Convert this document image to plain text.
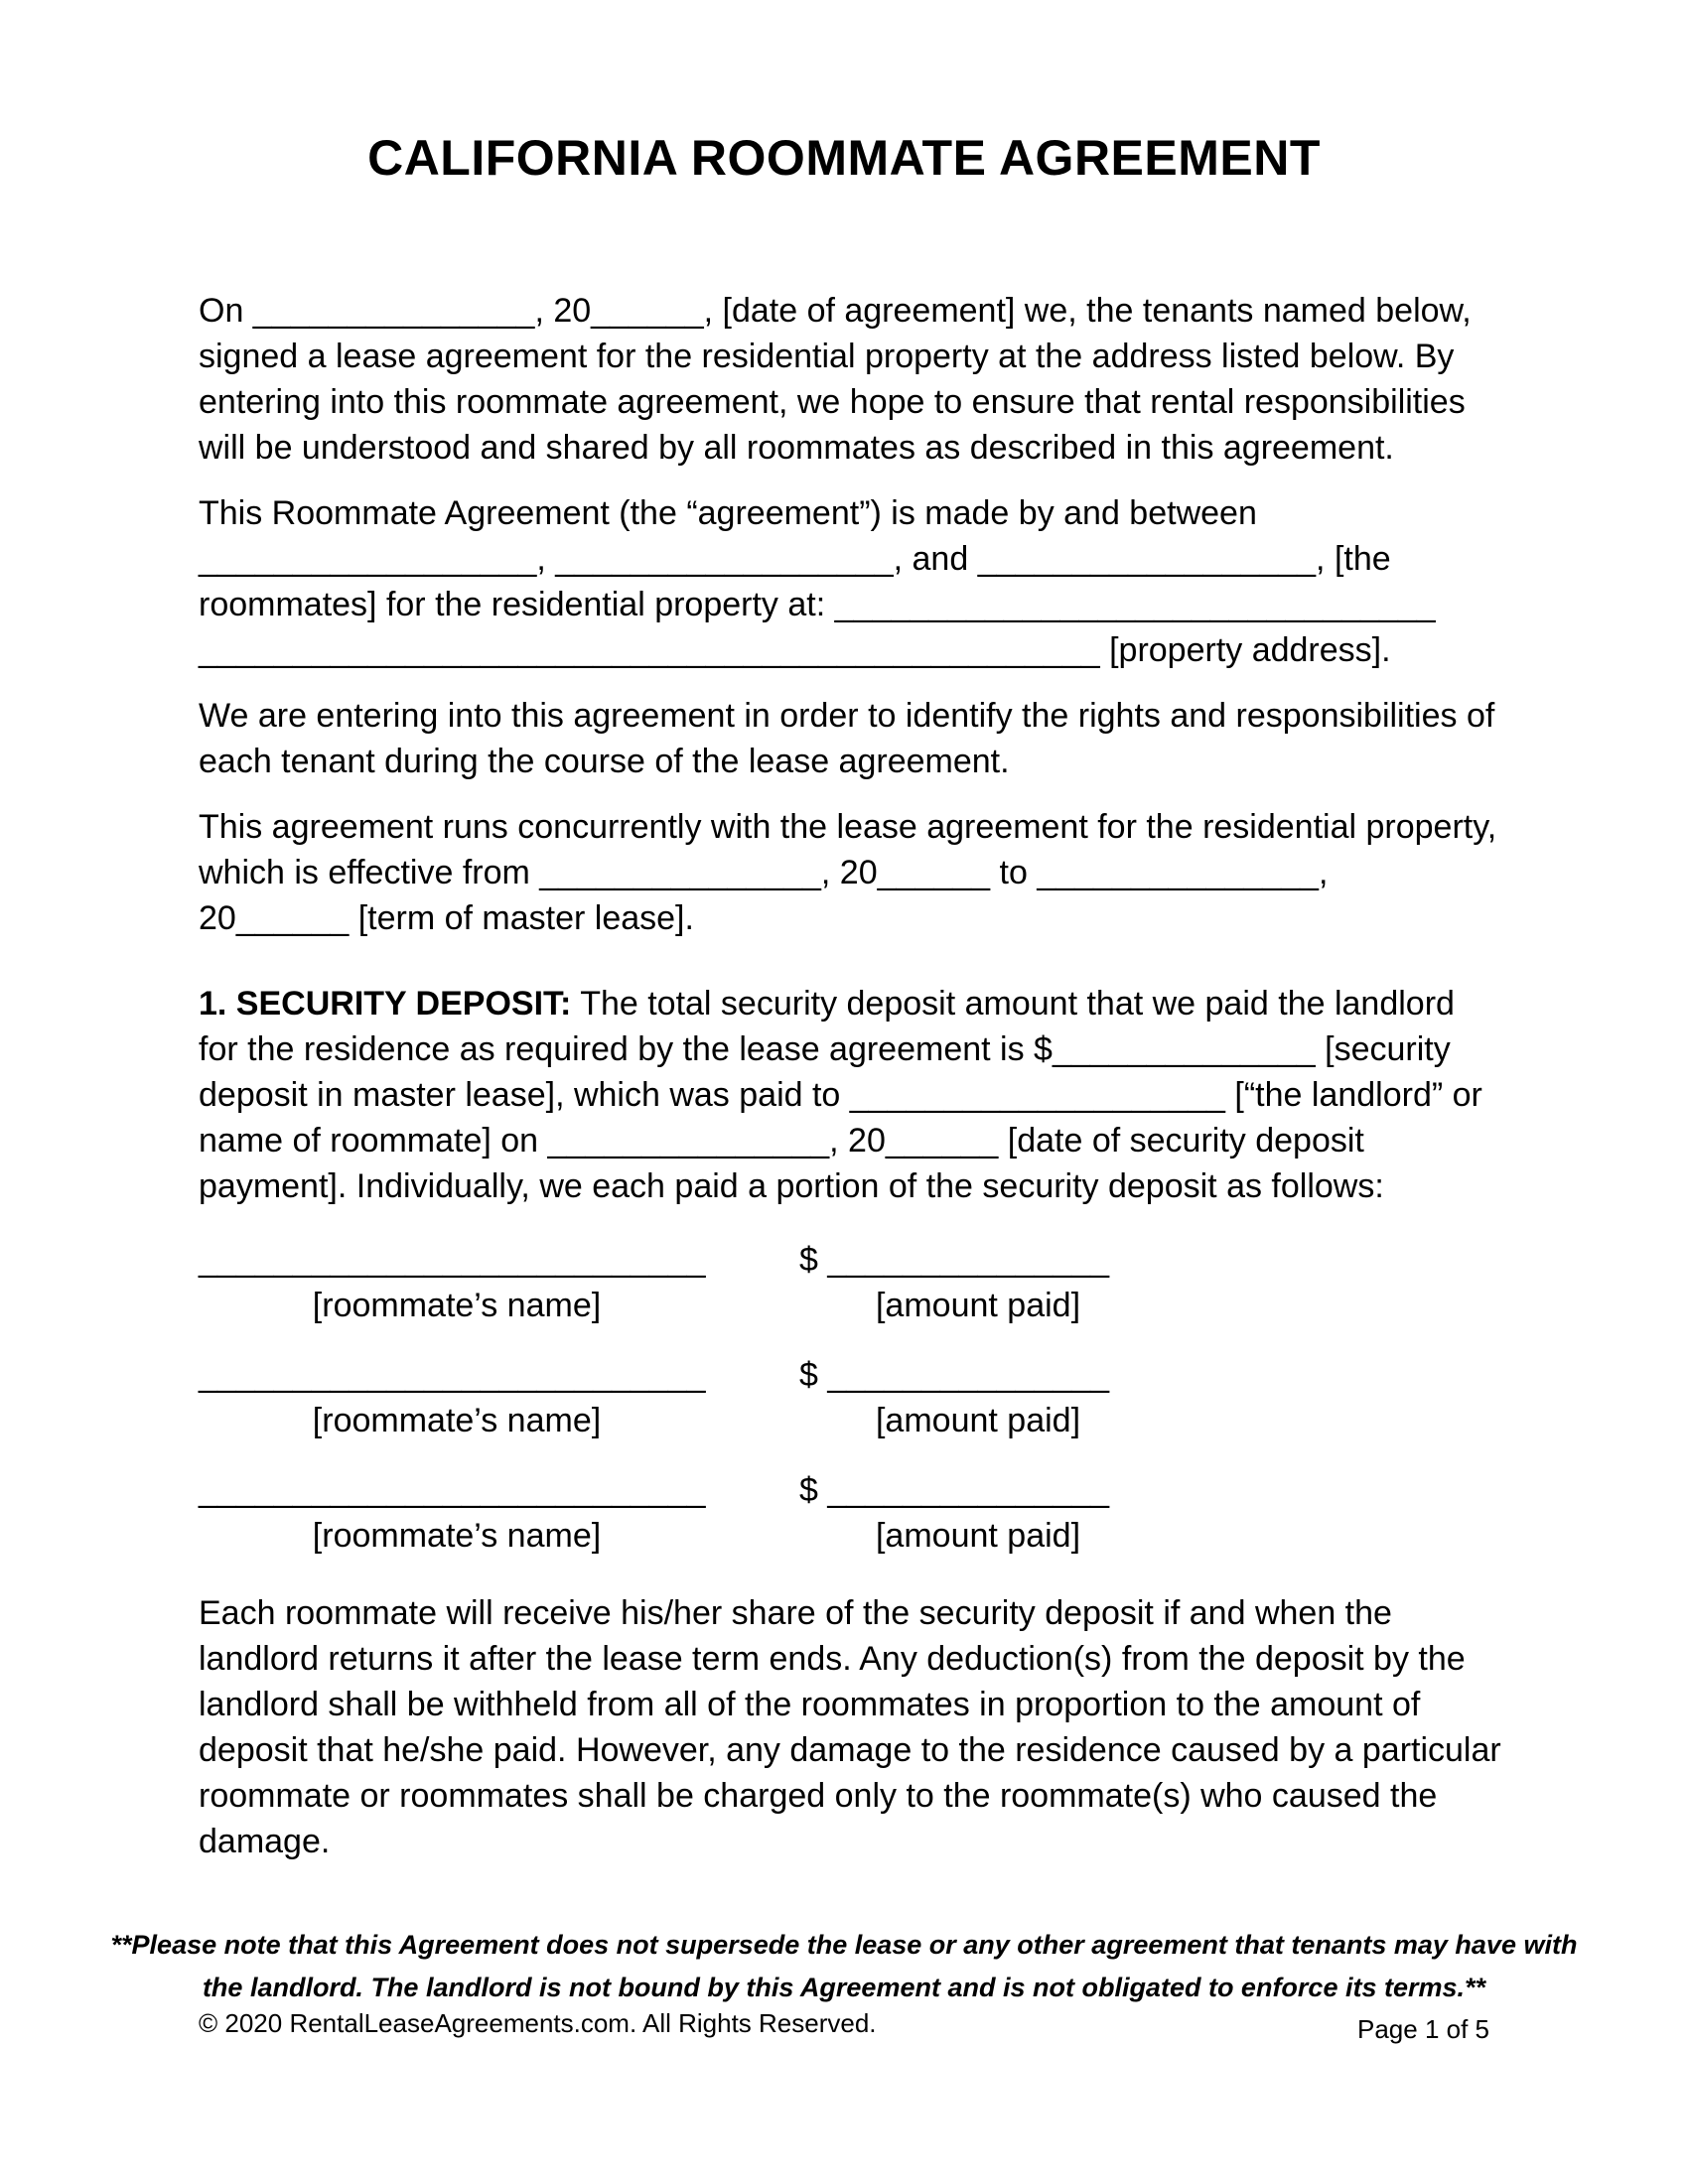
CALIFORNIA ROOMMATE AGREEMENT
On _______________, 20______, [date of agreement] we, the tenants named below,
signed a lease agreement for the residential property at the address listed below. By
entering into this roommate agreement, we hope to ensure that rental responsibilities
will be understood and shared by all roommates as described in this agreement.
This Roommate Agreement (the “agreement”) is made by and between
__________________, __________________, and __________________, [the
roommates] for the residential property at: ________________________________
________________________________________________ [property address].
We are entering into this agreement in order to identify the rights and responsibilities of
each tenant during the course of the lease agreement.
This agreement runs concurrently with the lease agreement for the residential property,
which is effective from _______________, 20______ to _______________,
20______ [term of master lease].
1. SECURITY DEPOSIT: The total security deposit amount that we paid the landlord
for the residence as required by the lease agreement is $______________ [security
deposit in master lease], which was paid to ____________________ [“the landlord” or
name of roommate] on _______________, 20______ [date of security deposit
payment]. Individually, we each paid a portion of the security deposit as follows:
___________________________
[roommate’s name]
$ _______________
[amount paid]
___________________________
[roommate’s name]
$ _______________
[amount paid]
___________________________
[roommate’s name]
$ _______________
[amount paid]
Each roommate will receive his/her share of the security deposit if and when the
landlord returns it after the lease term ends. Any deduction(s) from the deposit by the
landlord shall be withheld from all of the roommates in proportion to the amount of
deposit that he/she paid. However, any damage to the residence caused by a particular
roommate or roommates shall be charged only to the roommate(s) who caused the
damage.
**Please note that this Agreement does not supersede the lease or any other agreement that tenants may have with
the landlord. The landlord is not bound by this Agreement and is not obligated to enforce its terms.**
© 2020 RentalLeaseAgreements.com. All Rights Reserved.	Page 1 of 5
